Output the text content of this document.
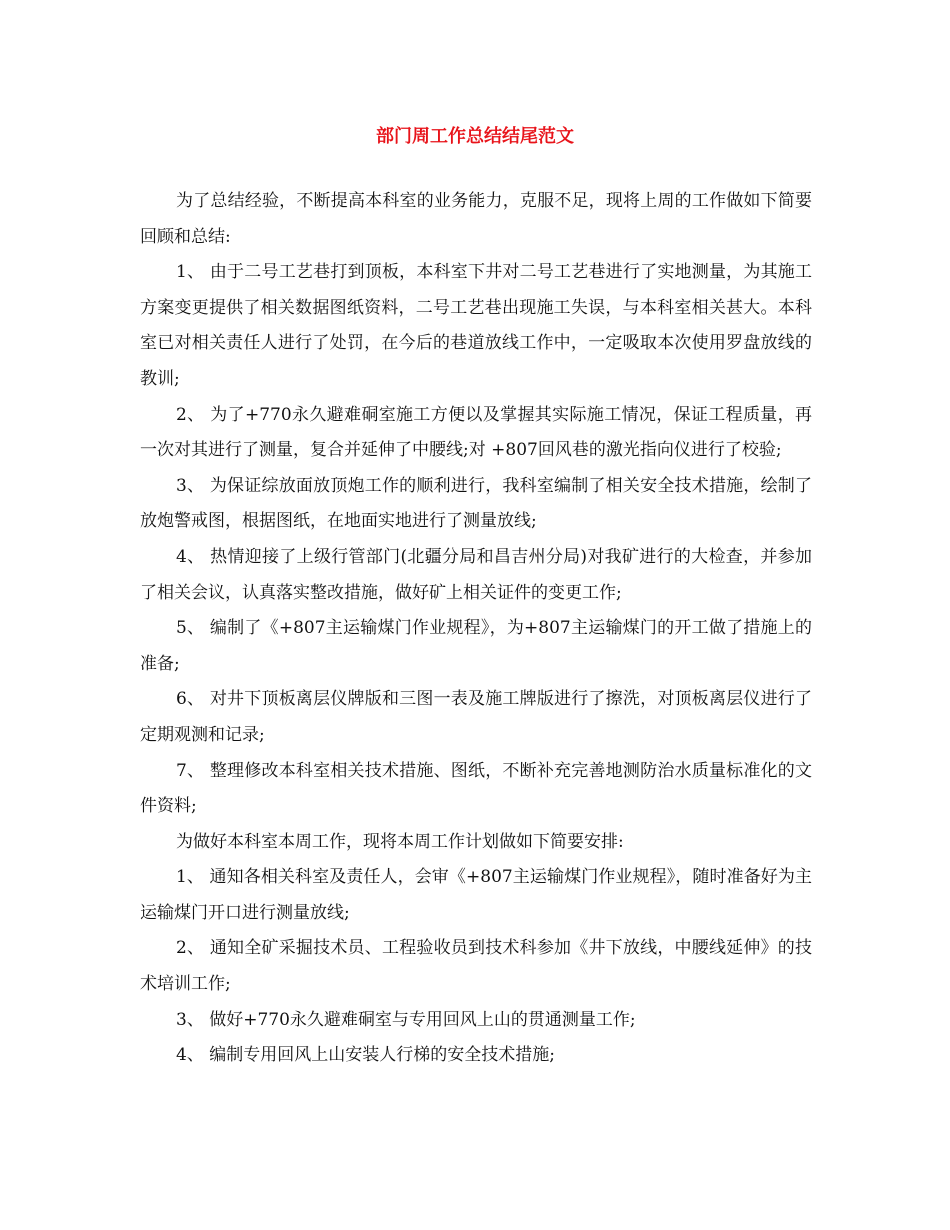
部门周工作总结结尾范文

为了总结经验，不断提高本科室的业务能力，克服不足，现将上周的工作做如下简要回顾和总结:

1、 由于二号工艺巷打到顶板，本科室下井对二号工艺巷进行了实地测量，为其施工方案变更提供了相关数据图纸资料，二号工艺巷出现施工失误，与本科室相关甚大。本科室已对相关责任人进行了处罚，在今后的巷道放线工作中，一定吸取本次使用罗盘放线的教训;

2、 为了+770永久避难硐室施工方便以及掌握其实际施工情况，保证工程质量，再一次对其进行了测量，复合并延伸了中腰线;对 +807回风巷的激光指向仪进行了校验;

3、 为保证综放面放顶炮工作的顺利进行，我科室编制了相关安全技术措施，绘制了放炮警戒图，根据图纸，在地面实地进行了测量放线;

4、 热情迎接了上级行管部门(北疆分局和昌吉州分局)对我矿进行的大检查，并参加了相关会议，认真落实整改措施，做好矿上相关证件的变更工作;

5、 编制了《+807主运输煤门作业规程》，为+807主运输煤门的开工做了措施上的准备;

6、 对井下顶板离层仪牌版和三图一表及施工牌版进行了擦洗，对顶板离层仪进行了定期观测和记录;

7、 整理修改本科室相关技术措施、图纸，不断补充完善地测防治水质量标准化的文件资料;

为做好本科室本周工作，现将本周工作计划做如下简要安排:

1、 通知各相关科室及责任人，会审《+807主运输煤门作业规程》，随时准备好为主运输煤门开口进行测量放线;

2、 通知全矿采掘技术员、工程验收员到技术科参加《井下放线，中腰线延伸》的技术培训工作;

3、 做好+770永久避难硐室与专用回风上山的贯通测量工作;

4、 编制专用回风上山安装人行梯的安全技术措施;
